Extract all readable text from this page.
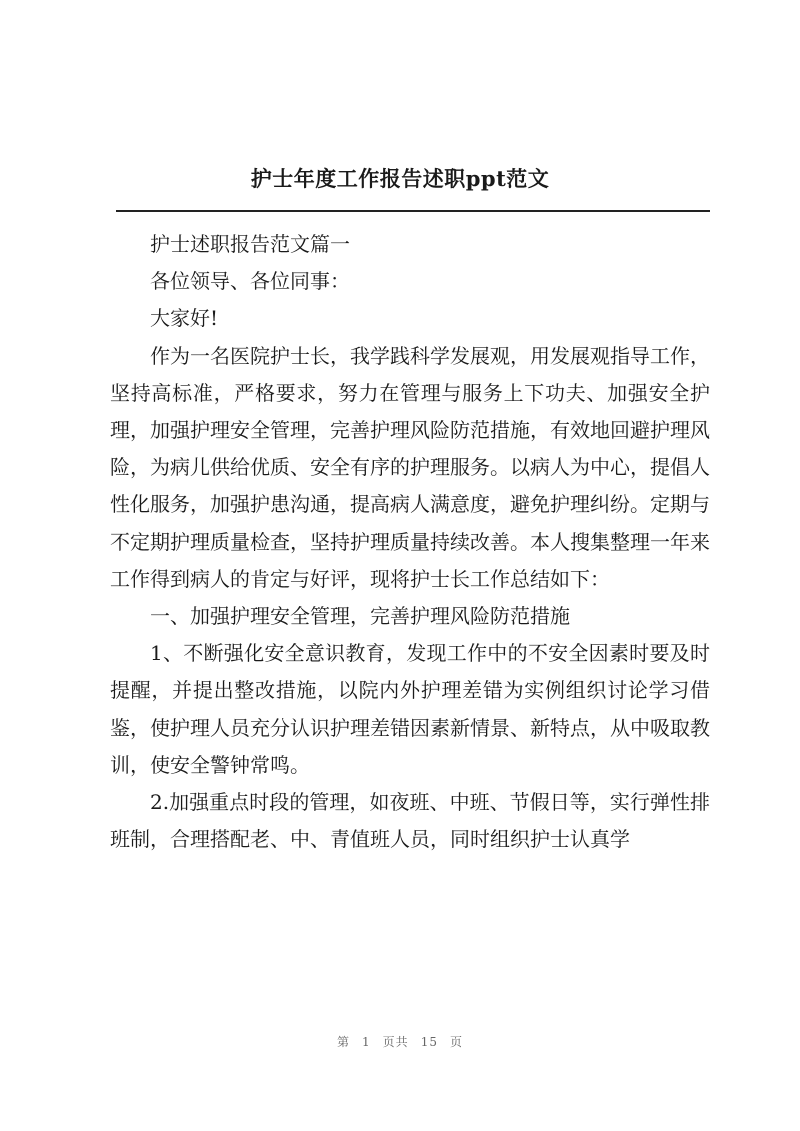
护士年度工作报告述职ppt范文

护士述职报告范文篇一

各位领导、各位同事：

大家好!

作为一名医院护士长，我学践科学发展观，用发展观指导工作，坚持高标准，严格要求，努力在管理与服务上下功夫、加强安全护理，加强护理安全管理，完善护理风险防范措施，有效地回避护理风险，为病儿供给优质、安全有序的护理服务。以病人为中心，提倡人性化服务，加强护患沟通，提高病人满意度，避免护理纠纷。定期与不定期护理质量检查，坚持护理质量持续改善。本人搜集整理一年来工作得到病人的肯定与好评，现将护士长工作总结如下：

一、加强护理安全管理，完善护理风险防范措施

1、不断强化安全意识教育，发现工作中的不安全因素时要及时提醒，并提出整改措施，以院内外护理差错为实例组织讨论学习借鉴，使护理人员充分认识护理差错因素新情景、新特点，从中吸取教训，使安全警钟常鸣。

2.加强重点时段的管理，如夜班、中班、节假日等，实行弹性排班制，合理搭配老、中、青值班人员，同时组织护士认真学

第 1 页共 15 页
